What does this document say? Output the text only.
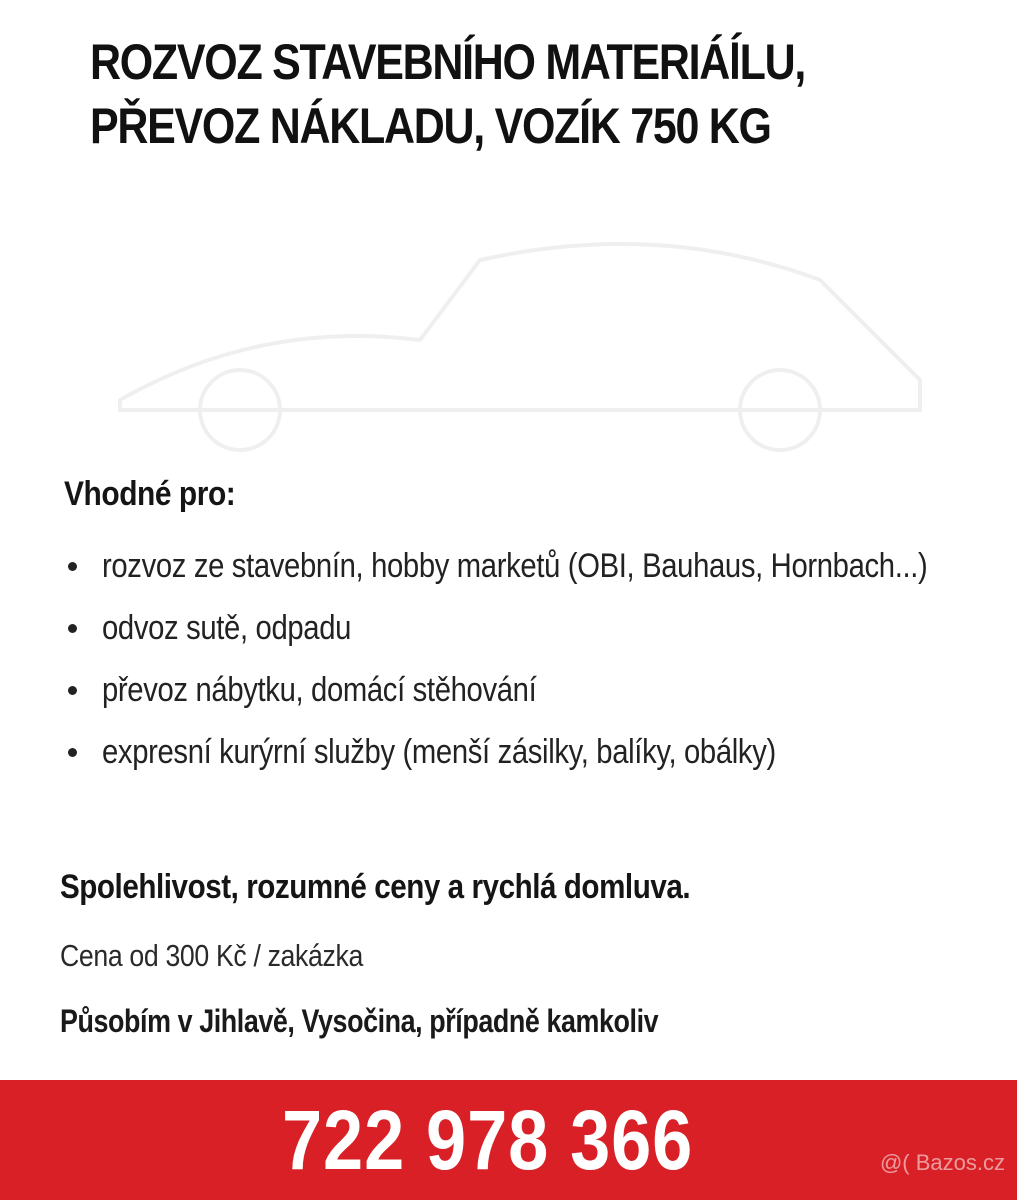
ROZVOZ STAVEBNÍHO MATERIÁĺLU,
PŘEVOZ NÁKLADU, VOZÍK 750 KG
Vhodné pro:
rozvoz ze stavebnín, hobby marketů (OBI, Bauhaus, Hornbach...)
odvoz sutě, odpadu
převoz nábytku, domácí stěhování
expresní kurýrní služby (menší zásilky, balíky, obálky)
Spolehlivost, rozumné ceny a rychlá domluva.
Cena od 300 Kč / zakázka
Působím v Jihlavě, Vysočina, případně kamkoliv
722 978 366	@( Bazos.cz
